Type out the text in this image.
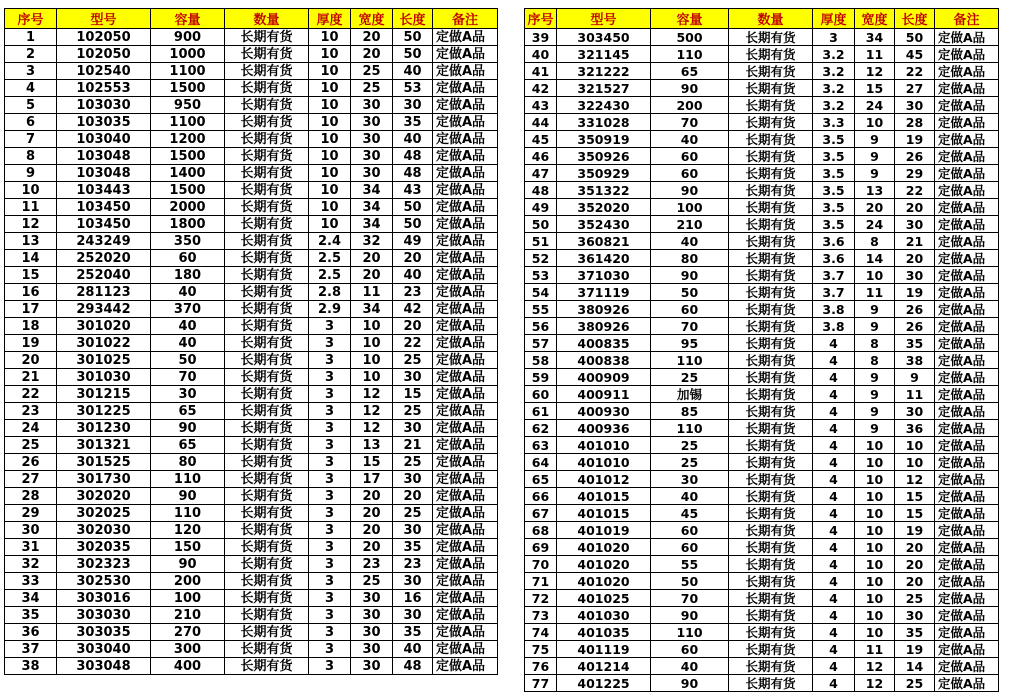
序号	型号	容量	数量	厚度	宽度	长度	备注
1	102050	900	长期有货	10	20	50	定做A品
2	102050	1000	长期有货	10	20	50	定做A品
3	102540	1100	长期有货	10	25	40	定做A品
4	102553	1500	长期有货	10	25	53	定做A品
5	103030	950	长期有货	10	30	30	定做A品
6	103035	1100	长期有货	10	30	35	定做A品
7	103040	1200	长期有货	10	30	40	定做A品
8	103048	1500	长期有货	10	30	48	定做A品
9	103048	1400	长期有货	10	30	48	定做A品
10	103443	1500	长期有货	10	34	43	定做A品
11	103450	2000	长期有货	10	34	50	定做A品
12	103450	1800	长期有货	10	34	50	定做A品
13	243249	350	长期有货	2.4	32	49	定做A品
14	252020	60	长期有货	2.5	20	20	定做A品
15	252040	180	长期有货	2.5	20	40	定做A品
16	281123	40	长期有货	2.8	11	23	定做A品
17	293442	370	长期有货	2.9	34	42	定做A品
18	301020	40	长期有货	3	10	20	定做A品
19	301022	40	长期有货	3	10	22	定做A品
20	301025	50	长期有货	3	10	25	定做A品
21	301030	70	长期有货	3	10	30	定做A品
22	301215	30	长期有货	3	12	15	定做A品
23	301225	65	长期有货	3	12	25	定做A品
24	301230	90	长期有货	3	12	30	定做A品
25	301321	65	长期有货	3	13	21	定做A品
26	301525	80	长期有货	3	15	25	定做A品
27	301730	110	长期有货	3	17	30	定做A品
28	302020	90	长期有货	3	20	20	定做A品
29	302025	110	长期有货	3	20	25	定做A品
30	302030	120	长期有货	3	20	30	定做A品
31	302035	150	长期有货	3	20	35	定做A品
32	302323	90	长期有货	3	23	23	定做A品
33	302530	200	长期有货	3	25	30	定做A品
34	303016	100	长期有货	3	30	16	定做A品
35	303030	210	长期有货	3	30	30	定做A品
36	303035	270	长期有货	3	30	35	定做A品
37	303040	300	长期有货	3	30	40	定做A品
38	303048	400	长期有货	3	30	48	定做A品
序号	型号	容量	数量	厚度	宽度	长度	备注
39	303450	500	长期有货	3	34	50	定做A品
40	321145	110	长期有货	3.2	11	45	定做A品
41	321222	65	长期有货	3.2	12	22	定做A品
42	321527	90	长期有货	3.2	15	27	定做A品
43	322430	200	长期有货	3.2	24	30	定做A品
44	331028	70	长期有货	3.3	10	28	定做A品
45	350919	40	长期有货	3.5	9	19	定做A品
46	350926	60	长期有货	3.5	9	26	定做A品
47	350929	60	长期有货	3.5	9	29	定做A品
48	351322	90	长期有货	3.5	13	22	定做A品
49	352020	100	长期有货	3.5	20	20	定做A品
50	352430	210	长期有货	3.5	24	30	定做A品
51	360821	40	长期有货	3.6	8	21	定做A品
52	361420	80	长期有货	3.6	14	20	定做A品
53	371030	90	长期有货	3.7	10	30	定做A品
54	371119	50	长期有货	3.7	11	19	定做A品
55	380926	60	长期有货	3.8	9	26	定做A品
56	380926	70	长期有货	3.8	9	26	定做A品
57	400835	95	长期有货	4	8	35	定做A品
58	400838	110	长期有货	4	8	38	定做A品
59	400909	25	长期有货	4	9	9	定做A品
60	400911	加锡	长期有货	4	9	11	定做A品
61	400930	85	长期有货	4	9	30	定做A品
62	400936	110	长期有货	4	9	36	定做A品
63	401010	25	长期有货	4	10	10	定做A品
64	401010	25	长期有货	4	10	10	定做A品
65	401012	30	长期有货	4	10	12	定做A品
66	401015	40	长期有货	4	10	15	定做A品
67	401015	45	长期有货	4	10	15	定做A品
68	401019	60	长期有货	4	10	19	定做A品
69	401020	60	长期有货	4	10	20	定做A品
70	401020	55	长期有货	4	10	20	定做A品
71	401020	50	长期有货	4	10	20	定做A品
72	401025	70	长期有货	4	10	25	定做A品
73	401030	90	长期有货	4	10	30	定做A品
74	401035	110	长期有货	4	10	35	定做A品
75	401119	60	长期有货	4	11	19	定做A品
76	401214	40	长期有货	4	12	14	定做A品
77	401225	90	长期有货	4	12	25	定做A品
